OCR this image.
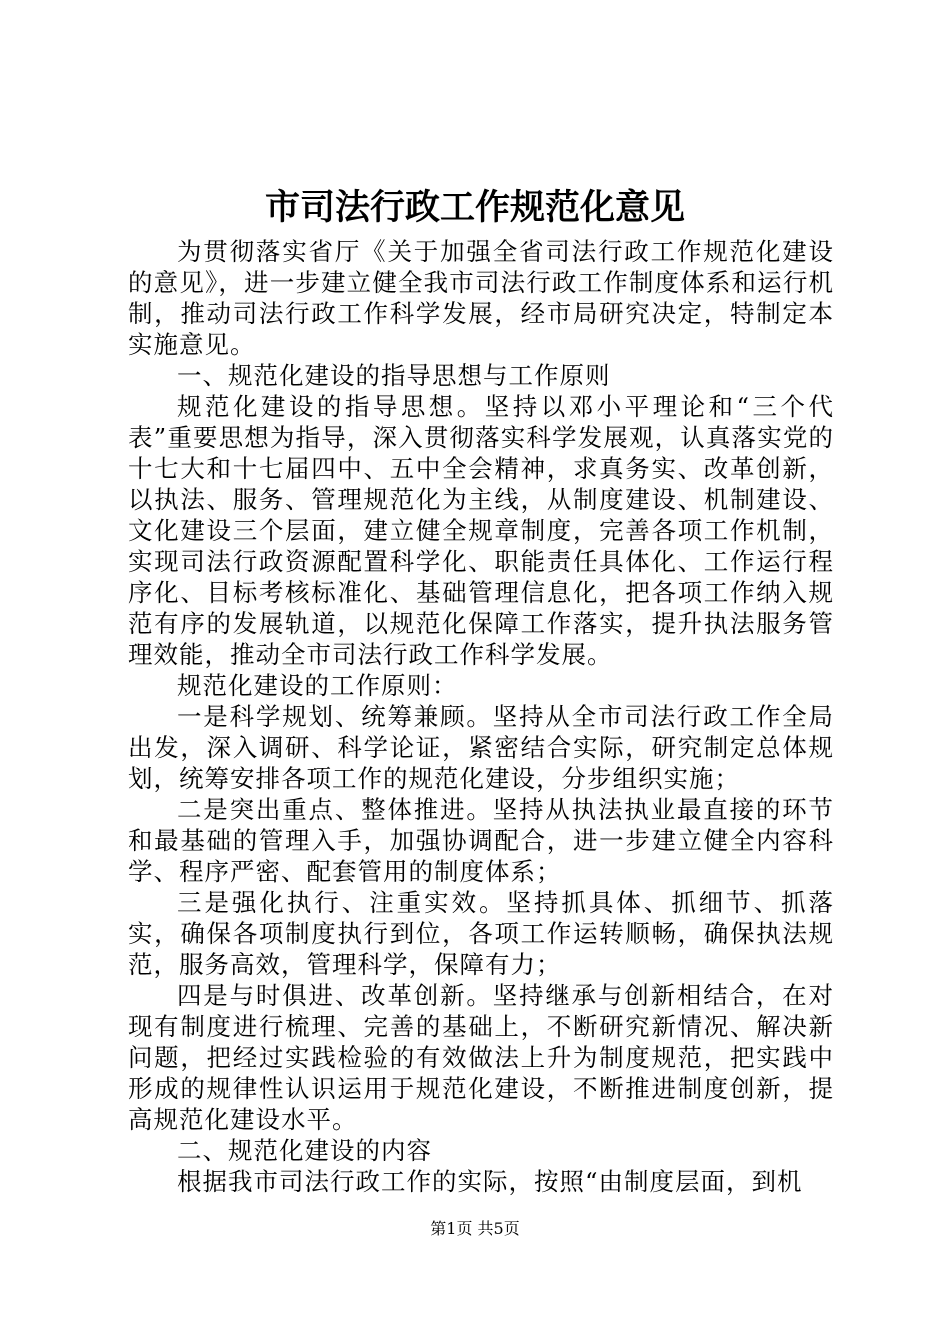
市司法行政工作规范化意见

为贯彻落实省厅《关于加强全省司法行政工作规范化建设的意见》，进一步建立健全我市司法行政工作制度体系和运行机制，推动司法行政工作科学发展，经市局研究决定，特制定本实施意见。

一、规范化建设的指导思想与工作原则

规范化建设的指导思想。坚持以邓小平理论和“三个代表”重要思想为指导，深入贯彻落实科学发展观，认真落实党的十七大和十七届四中、五中全会精神，求真务实、改革创新，以执法、服务、管理规范化为主线，从制度建设、机制建设、文化建设三个层面，建立健全规章制度，完善各项工作机制，实现司法行政资源配置科学化、职能责任具体化、工作运行程序化、目标考核标准化、基础管理信息化，把各项工作纳入规范有序的发展轨道，以规范化保障工作落实，提升执法服务管理效能，推动全市司法行政工作科学发展。

规范化建设的工作原则：

一是科学规划、统筹兼顾。坚持从全市司法行政工作全局出发，深入调研、科学论证，紧密结合实际，研究制定总体规划，统筹安排各项工作的规范化建设，分步组织实施；

二是突出重点、整体推进。坚持从执法执业最直接的环节和最基础的管理入手，加强协调配合，进一步建立健全内容科学、程序严密、配套管用的制度体系；

三是强化执行、注重实效。坚持抓具体、抓细节、抓落实，确保各项制度执行到位，各项工作运转顺畅，确保执法规范，服务高效，管理科学，保障有力；

四是与时俱进、改革创新。坚持继承与创新相结合，在对现有制度进行梳理、完善的基础上，不断研究新情况、解决新问题，把经过实践检验的有效做法上升为制度规范，把实践中形成的规律性认识运用于规范化建设，不断推进制度创新，提高规范化建设水平。

二、规范化建设的内容

根据我市司法行政工作的实际，按照“由制度层面，到机

第1页 共5页
